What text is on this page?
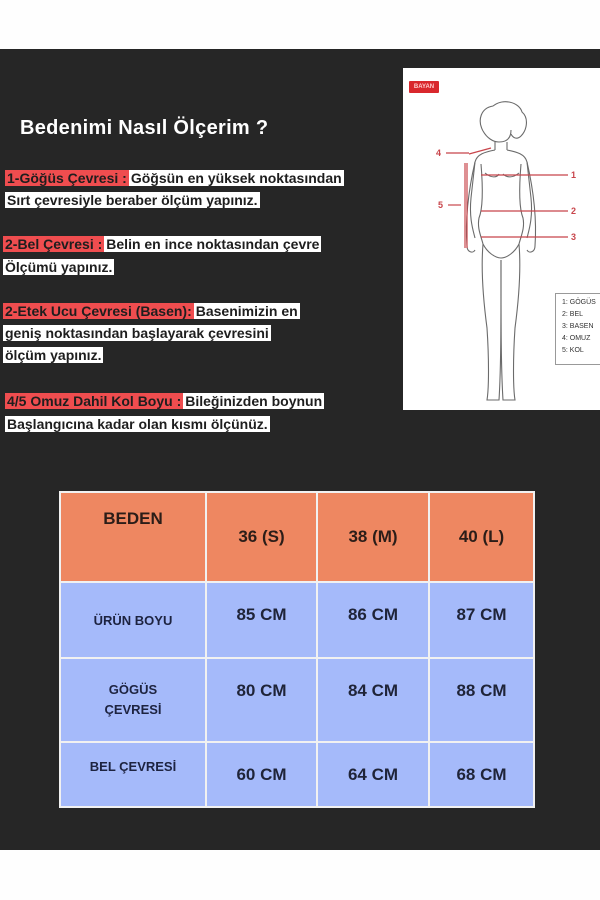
Bedenimi Nasıl Ölçerim ?
1-Göğüs Çevresi : Göğsün en yüksek noktasından
Sırt çevresiyle beraber ölçüm yapınız.
2-Bel Çevresi : Belin en ince noktasından çevre
Ölçümü yapınız.
2-Etek Ucu Çevresi (Basen): Basenimizin en
geniş noktasından başlayarak çevresini
ölçüm yapınız.
4/5 Omuz Dahil Kol Boyu : Bileğinizden boynun
Başlangıcına kadar olan kısmı ölçünüz.
BAYAN
1
2
3
4
5
1: GÖGÜS
2: BEL
3: BASEN
4: OMUZ
5: KOL
BEDEN	36 (S)	38 (M)	40 (L)
ÜRÜN BOYU	85 CM	86 CM	87 CM

GÖGÜS
ÇEVRESİ	80 CM	84 CM	88 CM
BEL ÇEVRESİ	60 CM	64 CM	68 CM
